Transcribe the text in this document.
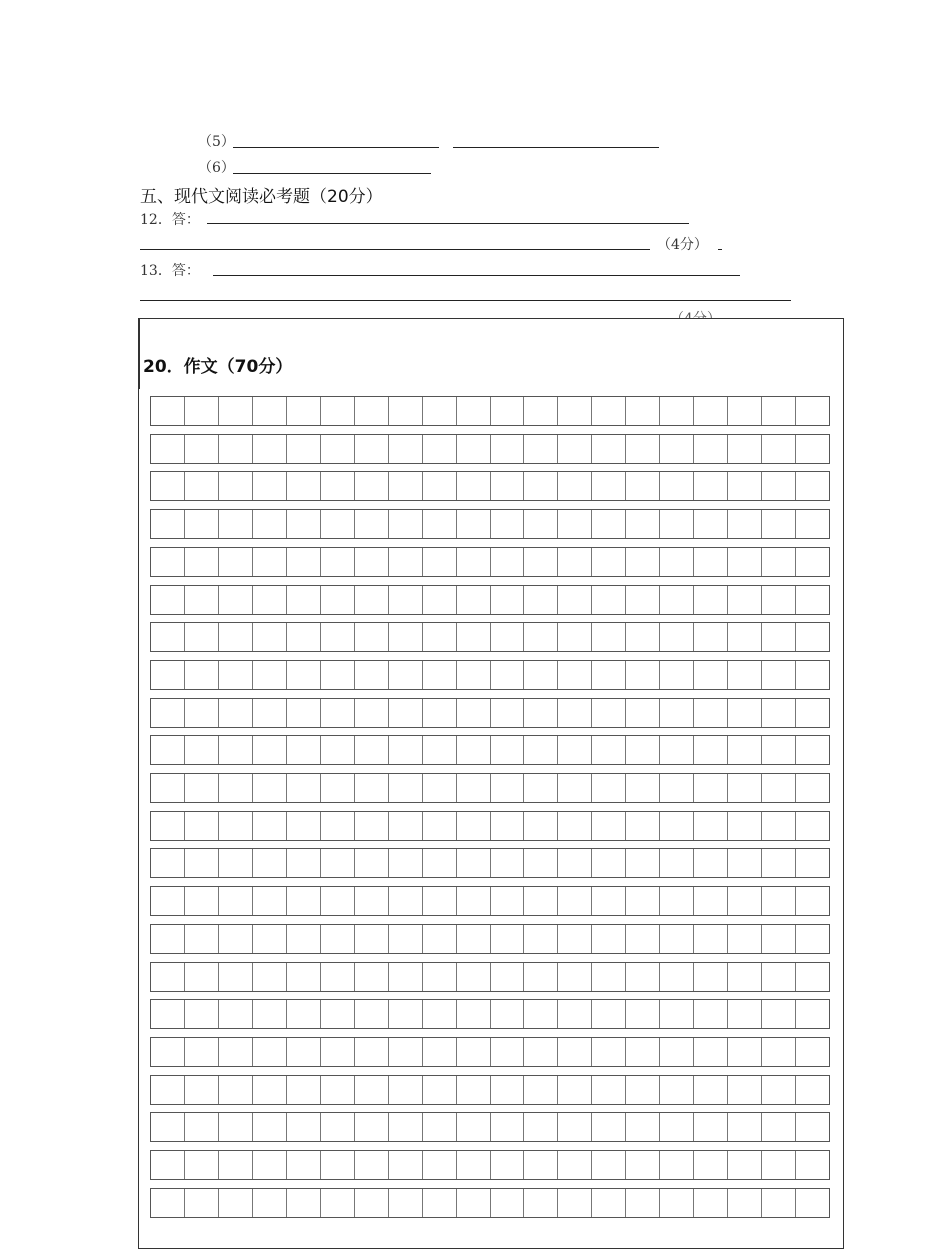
（5）
（6）
五、现代文阅读必考题（20分）
12．答：
（4分）
13．答：
20．作文（70分）
